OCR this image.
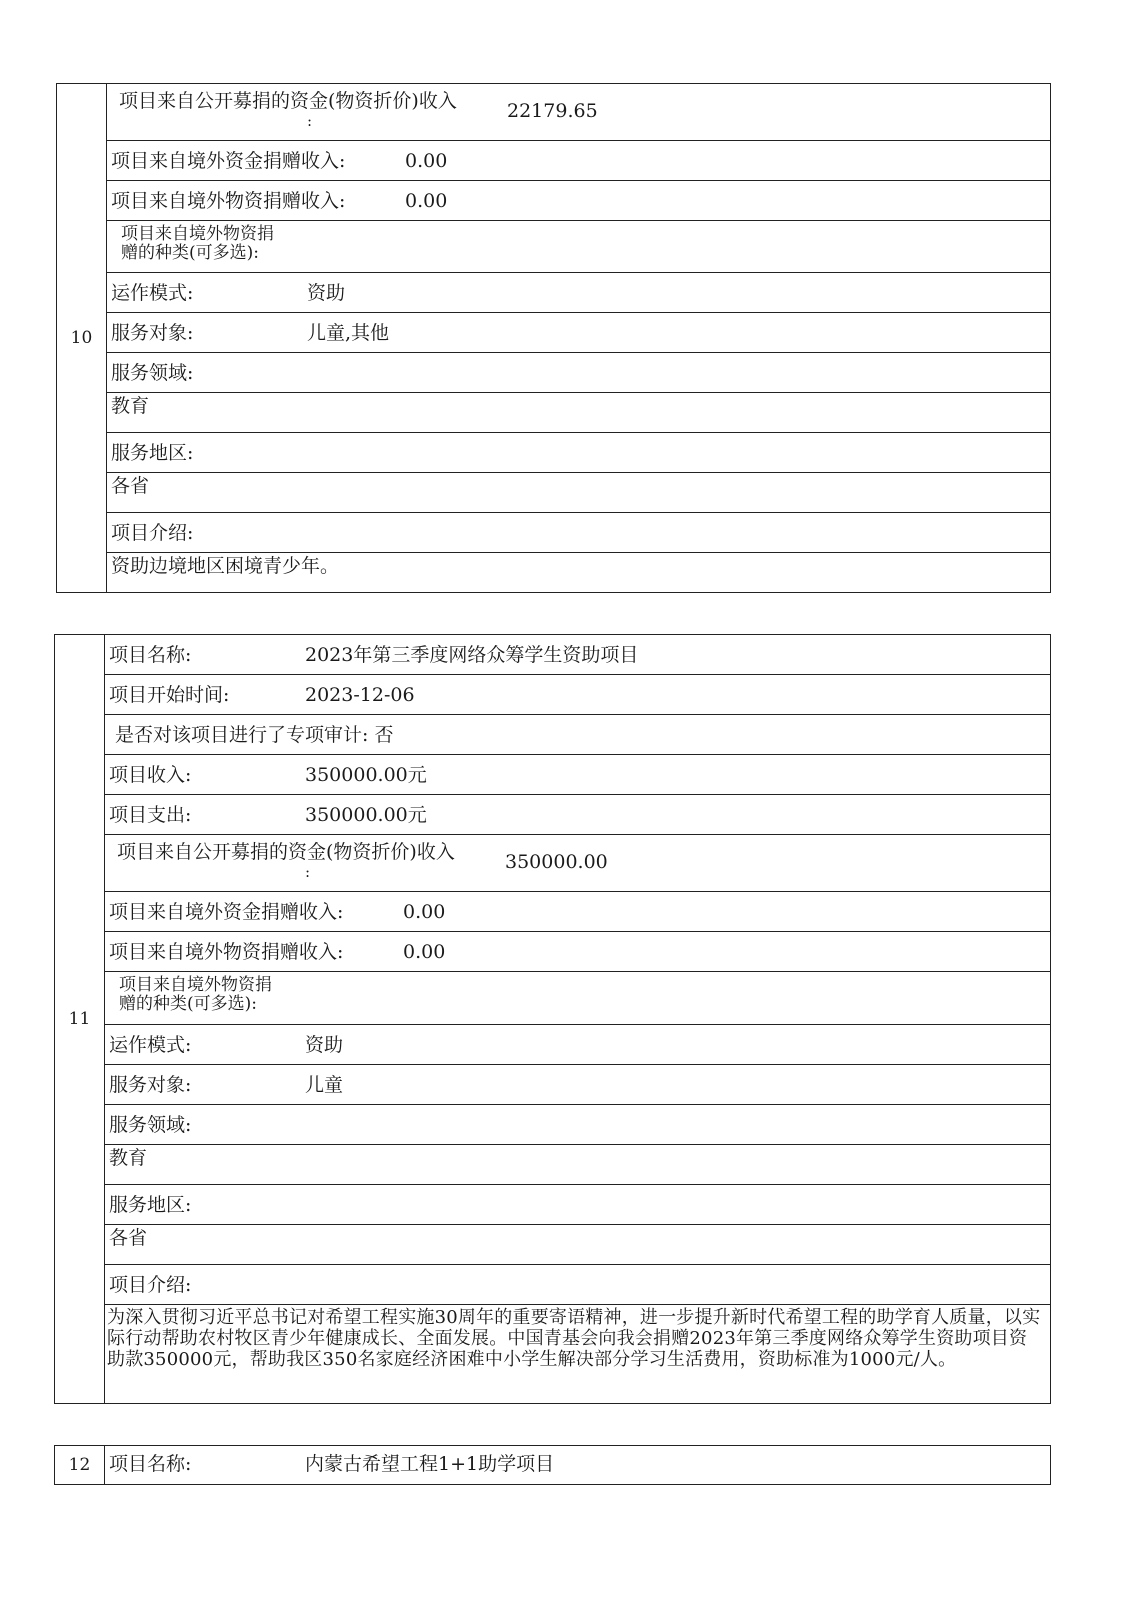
10
项目来自公开募捐的资金(物资折价)收入
:	22179.65
项目来自境外资金捐赠收入:	0.00
项目来自境外物资捐赠收入:	0.00
项目来自境外物资捐
赠的种类(可多选):
运作模式:	资助
服务对象:	儿童,其他
服务领域:
教育
服务地区:
各省
项目介绍:
资助边境地区困境青少年。
11
项目名称:	2023年第三季度网络众筹学生资助项目
项目开始时间:	2023-12-06
是否对该项目进行了专项审计: 否
项目收入:	350000.00元
项目支出:	350000.00元
项目来自公开募捐的资金(物资折价)收入
:	350000.00
项目来自境外资金捐赠收入:	0.00
项目来自境外物资捐赠收入:	0.00
项目来自境外物资捐
赠的种类(可多选):
运作模式:	资助
服务对象:	儿童
服务领域:
教育
服务地区:
各省
项目介绍:
为深入贯彻习近平总书记对希望工程实施30周年的重要寄语精神，进一步提升新时代希望工程的助学育人质量，以实际行动帮助农村牧区青少年健康成长、全面发展。中国青基会向我会捐赠2023年第三季度网络众筹学生资助项目资助款350000元，帮助我区350名家庭经济困难中小学生解决部分学习生活费用，资助标准为1000元/人。
12 项目名称:	内蒙古希望工程1+1助学项目
